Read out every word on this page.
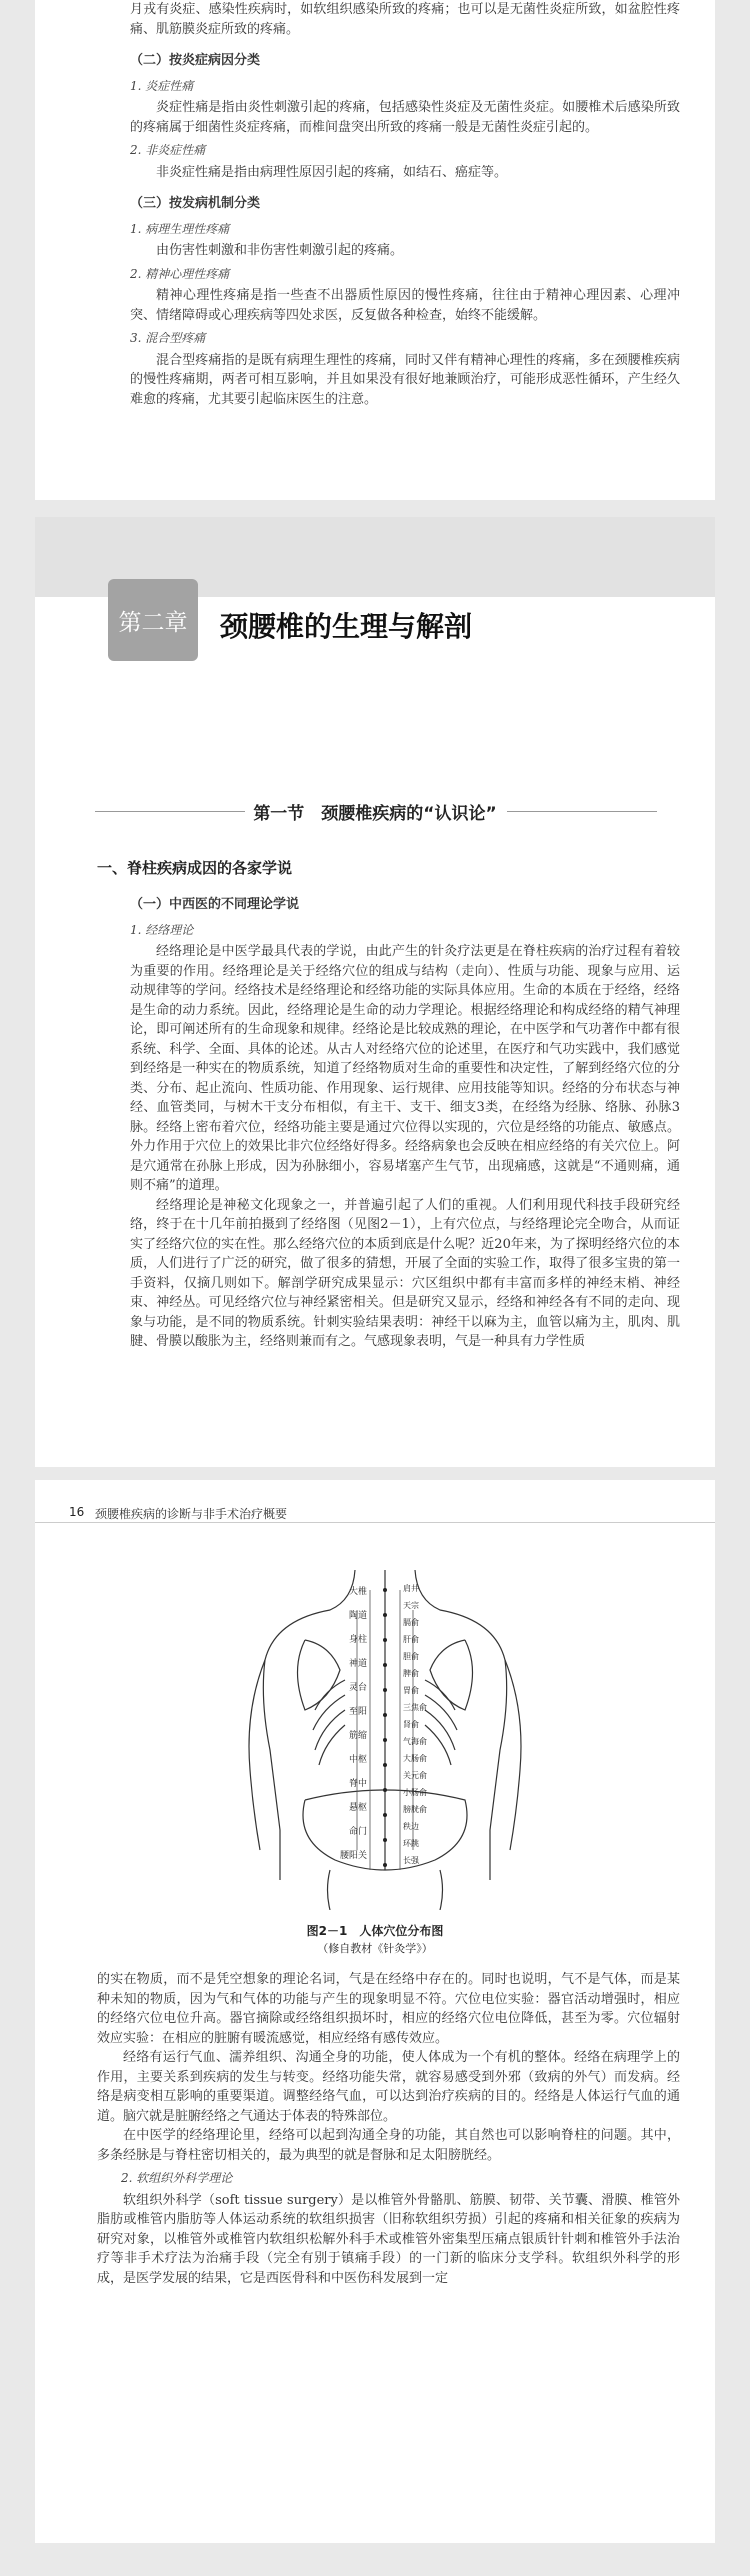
月戎有炎症、感染性疾病时，如软组织感染所致的疼痛；也可以是无菌性炎症所致，如盆腔性疼痛、肌筋膜炎症所致的疼痛。

（二）按炎症病因分类
1. 炎症性痛

炎症性痛是指由炎性刺激引起的疼痛，包括感染性炎症及无菌性炎症。如腰椎术后感染所致的疼痛属于细菌性炎症疼痛，而椎间盘突出所致的疼痛一般是无菌性炎症引起的。

2. 非炎症性痛

非炎症性痛是指由病理性原因引起的疼痛，如结石、癌症等。

（三）按发病机制分类
1. 病理生理性疼痛

由伤害性刺激和非伤害性刺激引起的疼痛。

2. 精神心理性疼痛

精神心理性疼痛是指一些查不出器质性原因的慢性疼痛，往往由于精神心理因素、心理冲突、情绪障碍或心理疾病等四处求医，反复做各种检查，始终不能缓解。

3. 混合型疼痛

混合型疼痛指的是既有病理生理性的疼痛，同时又伴有精神心理性的疼痛，多在颈腰椎疾病的慢性疼痛期，两者可相互影响，并且如果没有很好地兼顾治疗，可能形成恶性循环，产生经久难愈的疼痛，尤其要引起临床医生的注意。

第二章	颈腰椎的生理与解剖
第一节　颈腰椎疾病的“认识论”
一、脊柱疾病成因的各家学说
（一）中西医的不同理论学说
1. 经络理论

经络理论是中医学最具代表的学说，由此产生的针灸疗法更是在脊柱疾病的治疗过程有着较为重要的作用。经络理论是关于经络穴位的组成与结构（走向）、性质与功能、现象与应用、运动规律等的学问。经络技术是经络理论和经络功能的实际具体应用。生命的本质在于经络，经络是生命的动力系统。因此，经络理论是生命的动力学理论。根据经络理论和构成经络的精气神理论，即可阐述所有的生命现象和规律。经络论是比较成熟的理论，在中医学和气功著作中都有很系统、科学、全面、具体的论述。从古人对经络穴位的论述里，在医疗和气功实践中，我们感觉到经络是一种实在的物质系统，知道了经络物质对生命的重要性和决定性，了解到经络穴位的分类、分布、起止流向、性质功能、作用现象、运行规律、应用技能等知识。经络的分布状态与神经、血管类同，与树木干支分布相似，有主干、支干、细支3类，在经络为经脉、络脉、孙脉3脉。经络上密布着穴位，经络功能主要是通过穴位得以实现的，穴位是经络的功能点、敏感点。外力作用于穴位上的效果比非穴位经络好得多。经络病象也会反映在相应经络的有关穴位上。阿是穴通常在孙脉上形成，因为孙脉细小，容易堵塞产生气节，出现痛感，这就是“不通则痛，通则不痛”的道理。

经络理论是神秘文化现象之一，并普遍引起了人们的重视。人们利用现代科技手段研究经络，终于在十几年前拍摄到了经络图（见图2－1），上有穴位点，与经络理论完全吻合，从而证实了经络穴位的实在性。那么经络穴位的本质到底是什么呢？近20年来，为了探明经络穴位的本质，人们进行了广泛的研究，做了很多的猜想，开展了全面的实验工作，取得了很多宝贵的第一手资料，仅摘几则如下。解剖学研究成果显示：穴区组织中都有丰富而多样的神经末梢、神经束、神经丛。可见经络穴位与神经紧密相关。但是研究又显示，经络和神经各有不同的走向、现象与功能，是不同的物质系统。针刺实验结果表明：神经干以麻为主，血管以痛为主，肌肉、肌腱、骨膜以酸胀为主，经络则兼而有之。气感现象表明，气是一种具有力学性质

16 颈腰椎疾病的诊断与非手术治疗概要
大椎
陶道
身柱
神道
灵台
至阳
筋缩
中枢
脊中
悬枢
命门
腰阳关
肩井
天宗
膈俞
肝俞
胆俞
脾俞
胃俞
三焦俞
肾俞
气海俞
大肠俞
关元俞
小肠俞
膀胱俞
秩边
环跳
长强
图2－1　人体穴位分布图
（修自教材《针灸学》）

的实在物质，而不是凭空想象的理论名词，气是在经络中存在的。同时也说明，气不是气体，而是某种未知的物质，因为气和气体的功能与产生的现象明显不符。穴位电位实验：器官活动增强时，相应的经络穴位电位升高。器官摘除或经络组织损坏时，相应的经络穴位电位降低，甚至为零。穴位辐射效应实验：在相应的脏腑有暖流感觉，相应经络有感传效应。

经络有运行气血、濡养组织、沟通全身的功能，使人体成为一个有机的整体。经络在病理学上的作用，主要关系到疾病的发生与转变。经络功能失常，就容易感受到外邪（致病的外气）而发病。经络是病变相互影响的重要渠道。调整经络气血，可以达到治疗疾病的目的。经络是人体运行气血的通道。脑穴就是脏腑经络之气通达于体表的特殊部位。

在中医学的经络理论里，经络可以起到沟通全身的功能，其自然也可以影响脊柱的问题。其中，多条经脉是与脊柱密切相关的，最为典型的就是督脉和足太阳膀胱经。

2. 软组织外科学理论

软组织外科学（soft tissue surgery）是以椎管外骨骼肌、筋膜、韧带、关节囊、滑膜、椎管外脂肪或椎管内脂肪等人体运动系统的软组织损害（旧称软组织劳损）引起的疼痛和相关征象的疾病为研究对象，以椎管外或椎管内软组织松解外科手术或椎管外密集型压痛点银质针针刺和椎管外手法治疗等非手术疗法为治痛手段（完全有别于镇痛手段）的一门新的临床分支学科。软组织外科学的形成，是医学发展的结果，它是西医骨科和中医伤科发展到一定
